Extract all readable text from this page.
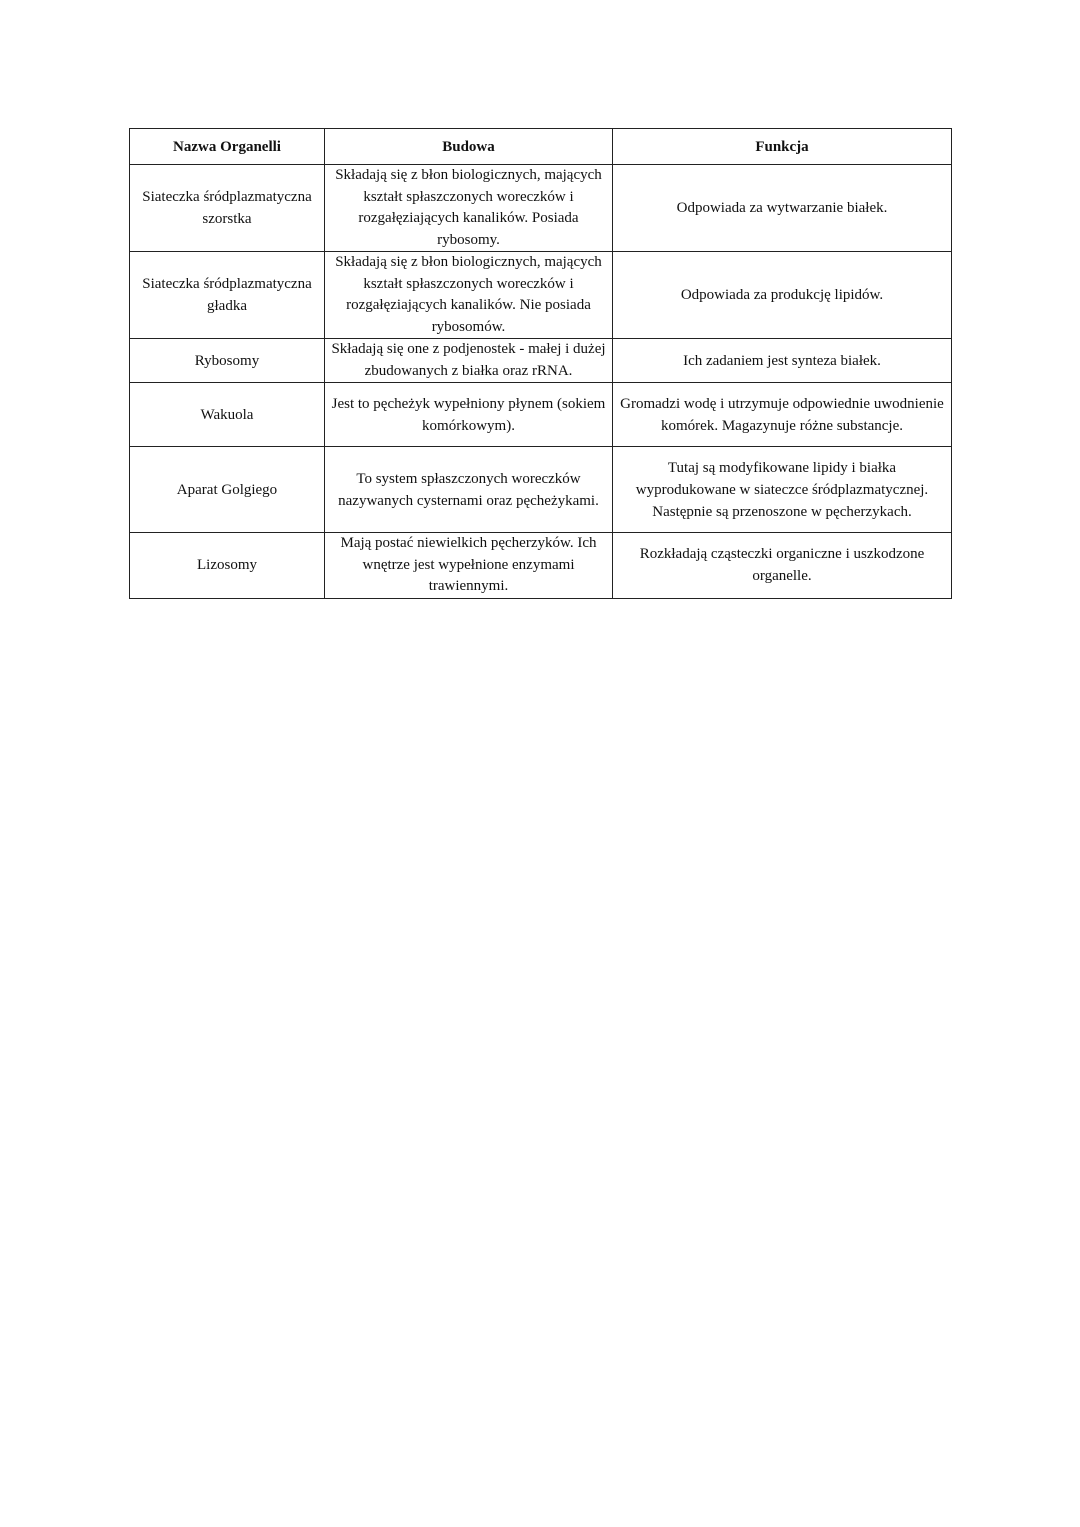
Nazwa Organelli	Budowa	Funkcja
Siateczka śródplazmatyczna szorstka	Składają się z błon biologicznych, mających kształt spłaszczonych woreczków i rozgałęziających kanalików. Posiada rybosomy.	Odpowiada za wytwarzanie białek.
Siateczka śródplazmatyczna gładka	Składają się z błon biologicznych, mających kształt spłaszczonych woreczków i rozgałęziających kanalików. Nie posiada rybosomów.	Odpowiada za produkcję lipidów.
Rybosomy	Składają się one z podjenostek - małej i dużej zbudowanych z białka oraz rRNA.	Ich zadaniem jest synteza białek.
Wakuola	Jest to pęcheżyk wypełniony płynem (sokiem komórkowym).	Gromadzi wodę i utrzymuje odpowiednie uwodnienie komórek. Magazynuje różne substancje.
Aparat Golgiego	To system spłaszczonych woreczków nazywanych cysternami oraz pęcheżykami.	Tutaj są modyfikowane lipidy i białka wyprodukowane w siateczce śródplazmatycznej. Następnie są przenoszone w pęcherzykach.
Lizosomy	Mają postać niewielkich pęcherzyków. Ich wnętrze jest wypełnione enzymami trawiennymi.	Rozkładają cząsteczki organiczne i uszkodzone organelle.
